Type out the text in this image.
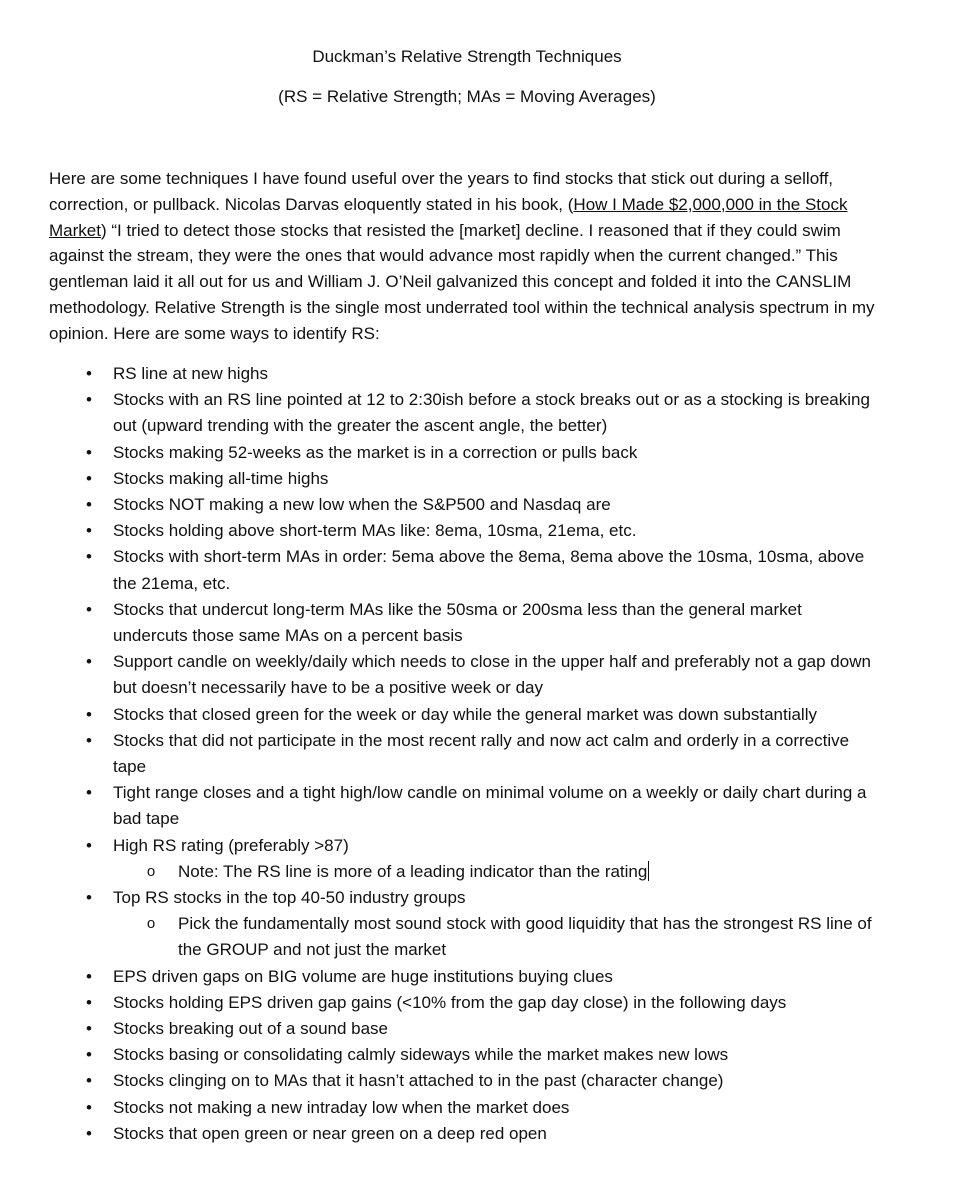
Duckman’s Relative Strength Techniques
(RS = Relative Strength; MAs = Moving Averages)

Here are some techniques I have found useful over the years to find stocks that stick out during a selloff, correction, or pullback. Nicolas Darvas eloquently stated in his book, (How I Made $2,000,000 in the Stock Market) “I tried to detect those stocks that resisted the [market] decline. I reasoned that if they could swim against the stream, they were the ones that would advance most rapidly when the current changed.” This gentleman laid it all out for us and William J. O’Neil galvanized this concept and folded it into the CANSLIM methodology. Relative Strength is the single most underrated tool within the technical analysis spectrum in my opinion. Here are some ways to identify RS:

• RS line at new highs
• Stocks with an RS line pointed at 12 to 2:30ish before a stock breaks out or as a stocking is breaking out (upward trending with the greater the ascent angle, the better)
• Stocks making 52-weeks as the market is in a correction or pulls back
• Stocks making all-time highs
• Stocks NOT making a new low when the S&P500 and Nasdaq are
• Stocks holding above short-term MAs like: 8ema, 10sma, 21ema, etc.
• Stocks with short-term MAs in order: 5ema above the 8ema, 8ema above the 10sma, 10sma, above the 21ema, etc.
• Stocks that undercut long-term MAs like the 50sma or 200sma less than the general market undercuts those same MAs on a percent basis
• Support candle on weekly/daily which needs to close in the upper half and preferably not a gap down but doesn’t necessarily have to be a positive week or day
• Stocks that closed green for the week or day while the general market was down substantially
• Stocks that did not participate in the most recent rally and now act calm and orderly in a corrective tape
• Tight range closes and a tight high/low candle on minimal volume on a weekly or daily chart during a bad tape
• High RS rating (preferably >87)
o Note: The RS line is more of a leading indicator than the rating
• Top RS stocks in the top 40-50 industry groups
o Pick the fundamentally most sound stock with good liquidity that has the strongest RS line of the GROUP and not just the market
• EPS driven gaps on BIG volume are huge institutions buying clues
• Stocks holding EPS driven gap gains (<10% from the gap day close) in the following days
• Stocks breaking out of a sound base
• Stocks basing or consolidating calmly sideways while the market makes new lows
• Stocks clinging on to MAs that it hasn’t attached to in the past (character change)
• Stocks not making a new intraday low when the market does
• Stocks that open green or near green on a deep red open
